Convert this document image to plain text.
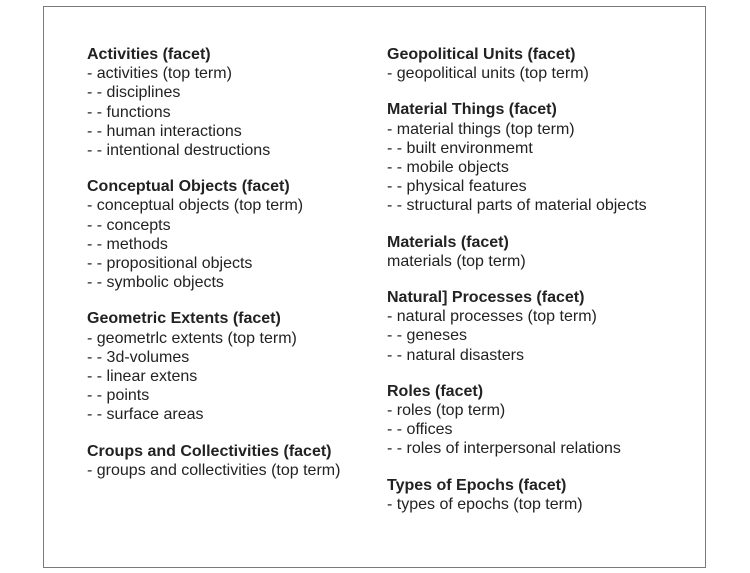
Activities (facet)
- activities (top term)
- - disciplines
- - functions
- - human interactions
- - intentional destructions
Conceptual Objects (facet)
- conceptual objects (top term)
- - concepts
- - methods
- - propositional objects
- - symbolic objects
Geometric Extents (facet)
- geometrlc extents (top term)
- - 3d-volumes
- - linear extens
- - points
- - surface areas
Croups and Collectivities (facet)
- groups and collectivities (top term)
Geopolitical Units (facet)
- geopolitical units (top term)
Material Things (facet)
- material things (top term)
- - built environmemt
- - mobile objects
- - physical features
- - structural parts of material objects
Materials (facet)
materials (top term)
Natural] Processes (facet)
- natural processes (top term)
- - geneses
- - natural disasters
Roles (facet)
- roles (top term)
- - offices
- - roles of interpersonal relations
Types of Epochs (facet)
- types of epochs (top term)
